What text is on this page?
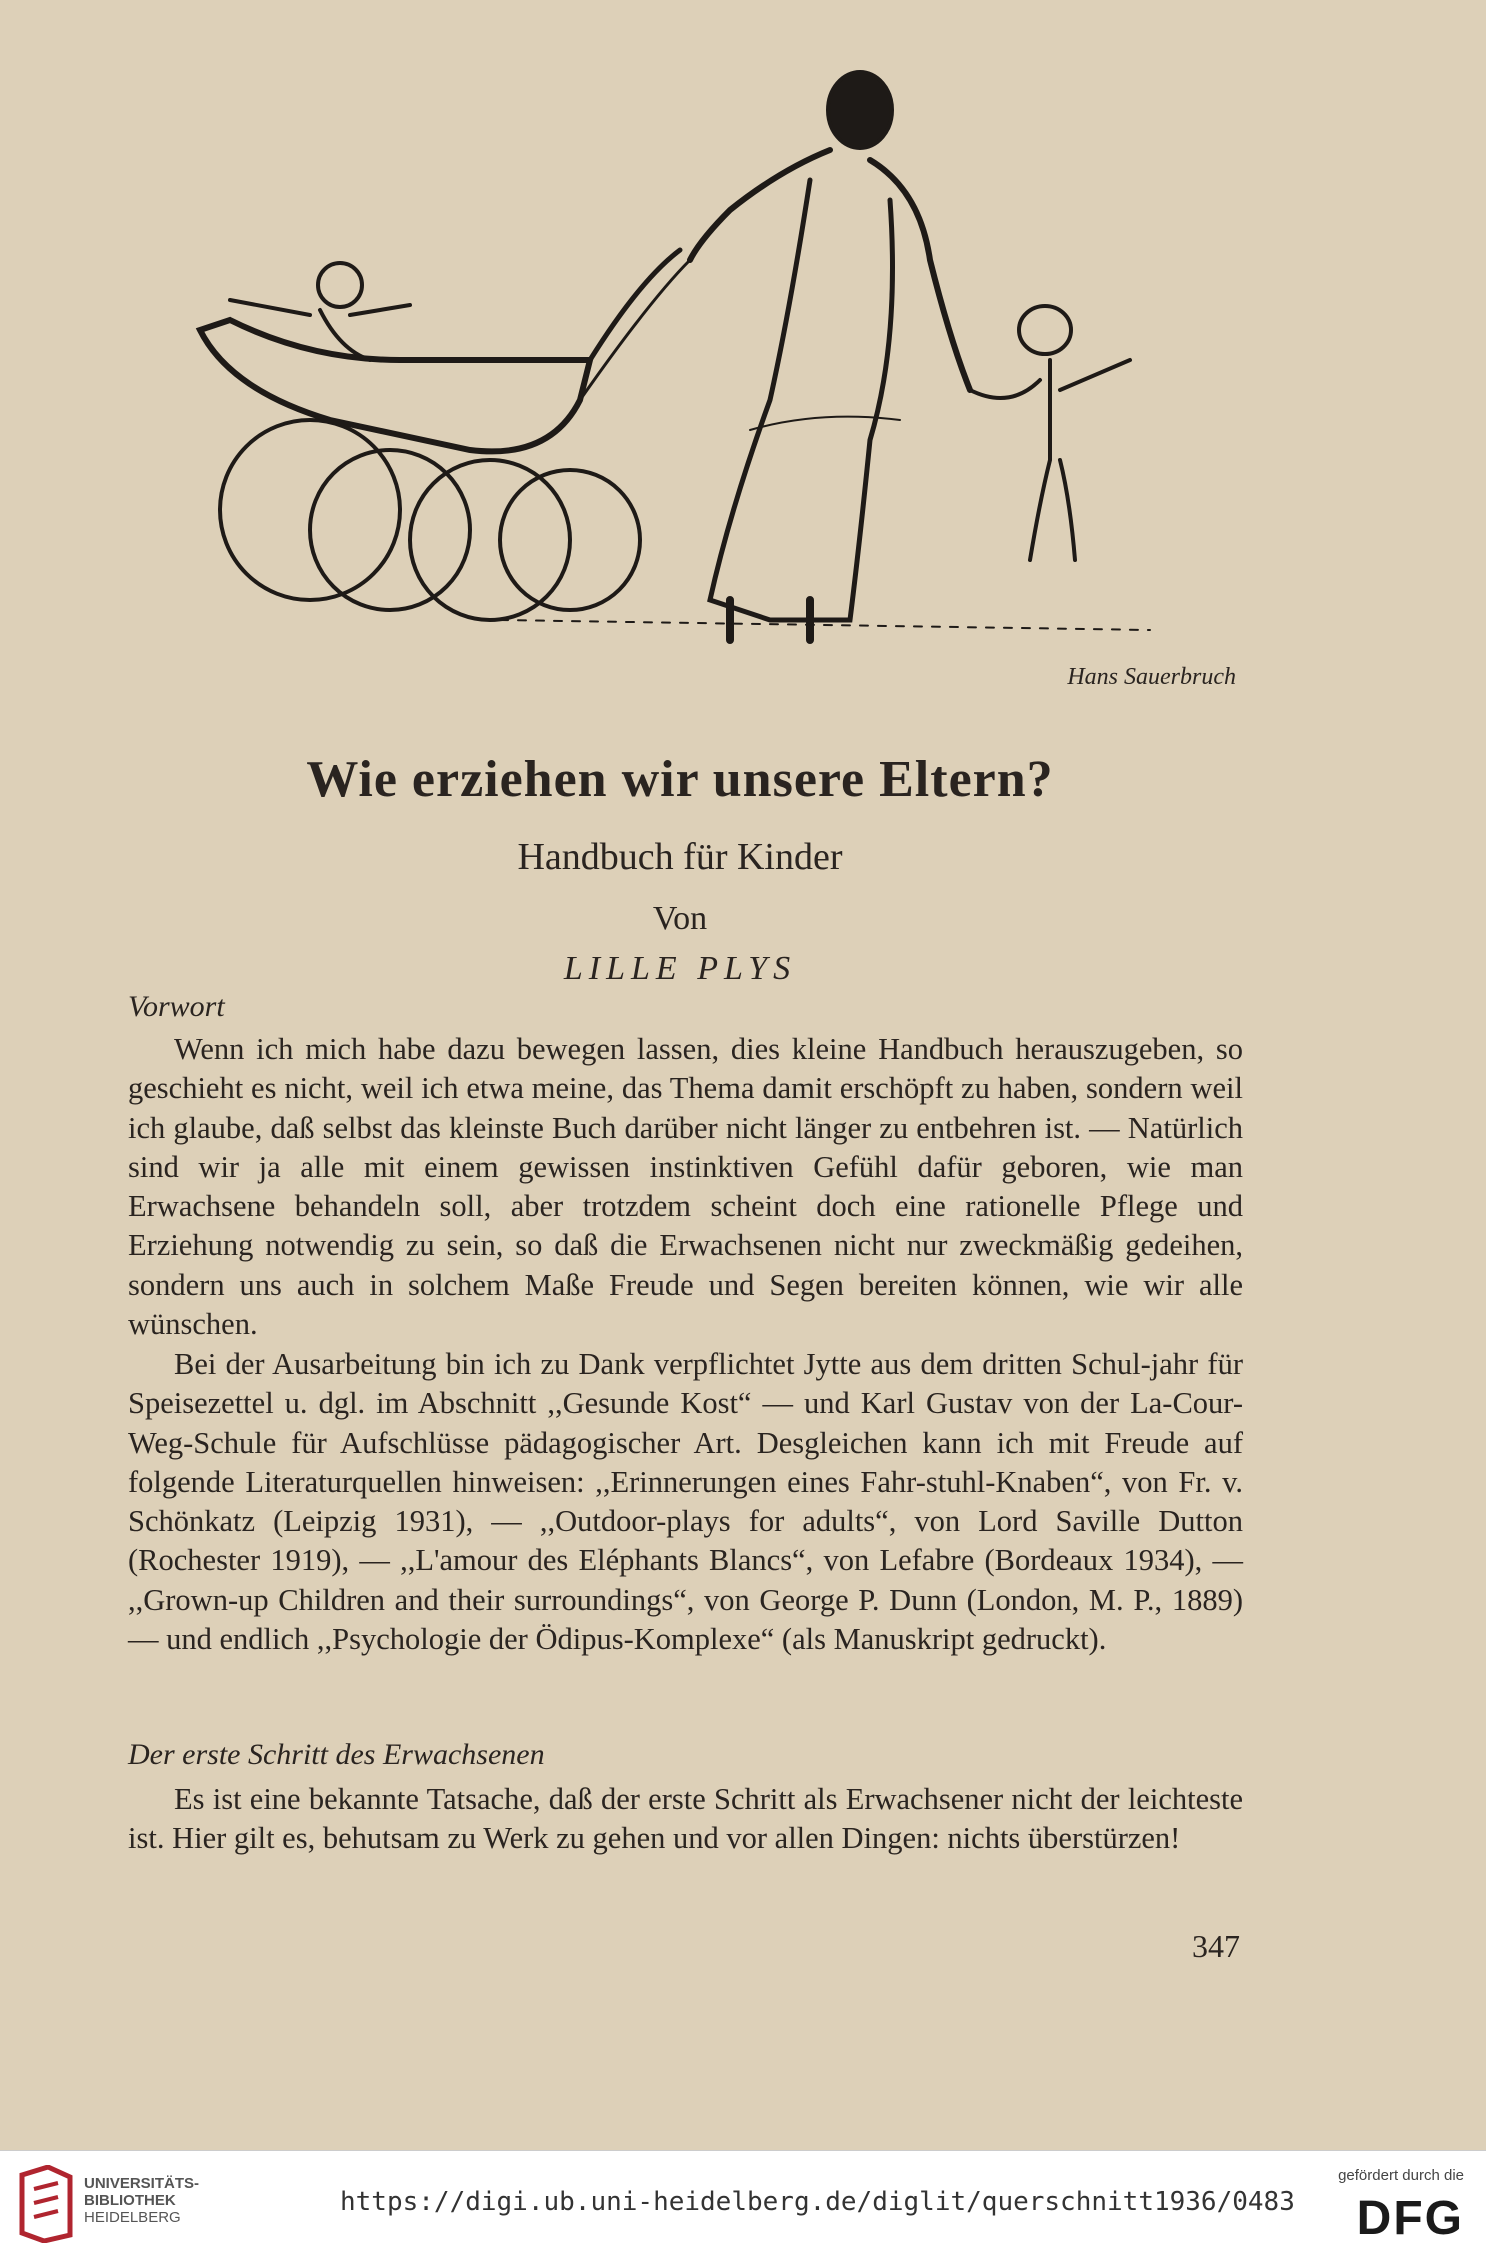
Hans Sauerbruch
Wie erziehen wir unsere Eltern?
Handbuch für Kinder
Von
LILLE PLYS
Vorwort

Wenn ich mich habe dazu bewegen lassen, dies kleine Handbuch herauszugeben, so geschieht es nicht, weil ich etwa meine, das Thema damit erschöpft zu haben, sondern weil ich glaube, daß selbst das kleinste Buch darüber nicht länger zu entbehren ist. — Natürlich sind wir ja alle mit einem gewissen instinktiven Gefühl dafür geboren, wie man Erwachsene behandeln soll, aber trotzdem scheint doch eine rationelle Pflege und Erziehung notwendig zu sein, so daß die Erwachsenen nicht nur zweckmäßig gedeihen, sondern uns auch in solchem Maße Freude und Segen bereiten können, wie wir alle wünschen.

Bei der Ausarbeitung bin ich zu Dank verpflichtet Jytte aus dem dritten Schul-jahr für Speisezettel u. dgl. im Abschnitt ,,Gesunde Kost“ — und Karl Gustav von der La-Cour-Weg-Schule für Aufschlüsse pädagogischer Art. Desgleichen kann ich mit Freude auf folgende Literaturquellen hinweisen: ,,Erinnerungen eines Fahr-stuhl-Knaben“, von Fr. v. Schönkatz (Leipzig 1931), — ,,Outdoor-plays for adults“, von Lord Saville Dutton (Rochester 1919), — ,,L'amour des Eléphants Blancs“, von Lefabre (Bordeaux 1934), — ,,Grown-up Children and their surroundings“, von George P. Dunn (London, M. P., 1889) — und endlich ,,Psychologie der Ödipus-Komplexe“ (als Manuskript gedruckt).

Der erste Schritt des Erwachsenen

Es ist eine bekannte Tatsache, daß der erste Schritt als Erwachsener nicht der leichteste ist. Hier gilt es, behutsam zu Werk zu gehen und vor allen Dingen: nichts überstürzen!

347
UNIVERSITÄTS-
BIBLIOTHEK
HEIDELBERG
https://digi.ub.uni-heidelberg.de/diglit/querschnitt1936/0483
gefördert durch die
DFG
